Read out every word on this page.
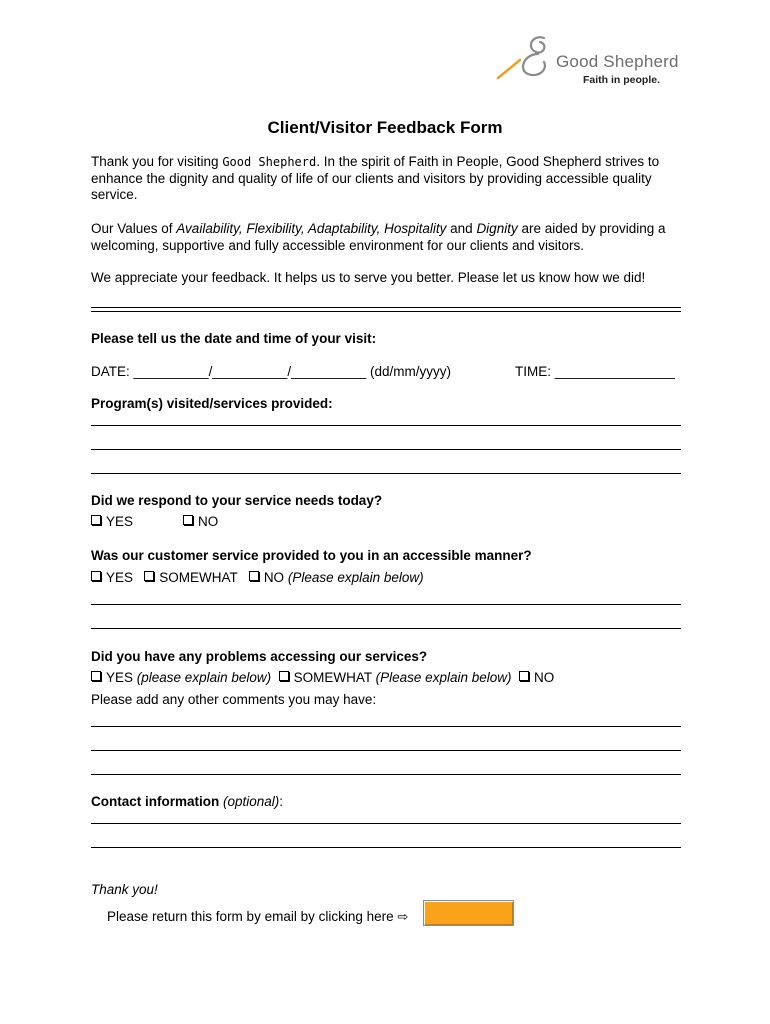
Good Shepherd
Faith in people.
Client/Visitor Feedback Form
Thank you for visiting Good Shepherd. In the spirit of Faith in People, Good Shepherd strives to enhance the dignity and quality of life of our clients and visitors by providing accessible quality service.
Our Values of Availability, Flexibility, Adaptability, Hospitality and Dignity are aided by providing a welcoming, supportive and fully accessible environment for our clients and visitors.
We appreciate your feedback. It helps us to serve you better. Please let us know how we did!
Please tell us the date and time of your visit:
DATE: __________/__________/__________ (dd/mm/yyyy)	TIME: ________________
Program(s) visited/services provided:
Did we respond to your service needs today?
YES	NO
Was our customer service provided to you in an accessible manner?
YES SOMEWHAT NO (Please explain below)
Did you have any problems accessing our services?
YES (please explain below) SOMEWHAT (Please explain below) NO
Please add any other comments you may have:
Contact information (optional):
Thank you!
Please return this form by email by clicking here ⇨
